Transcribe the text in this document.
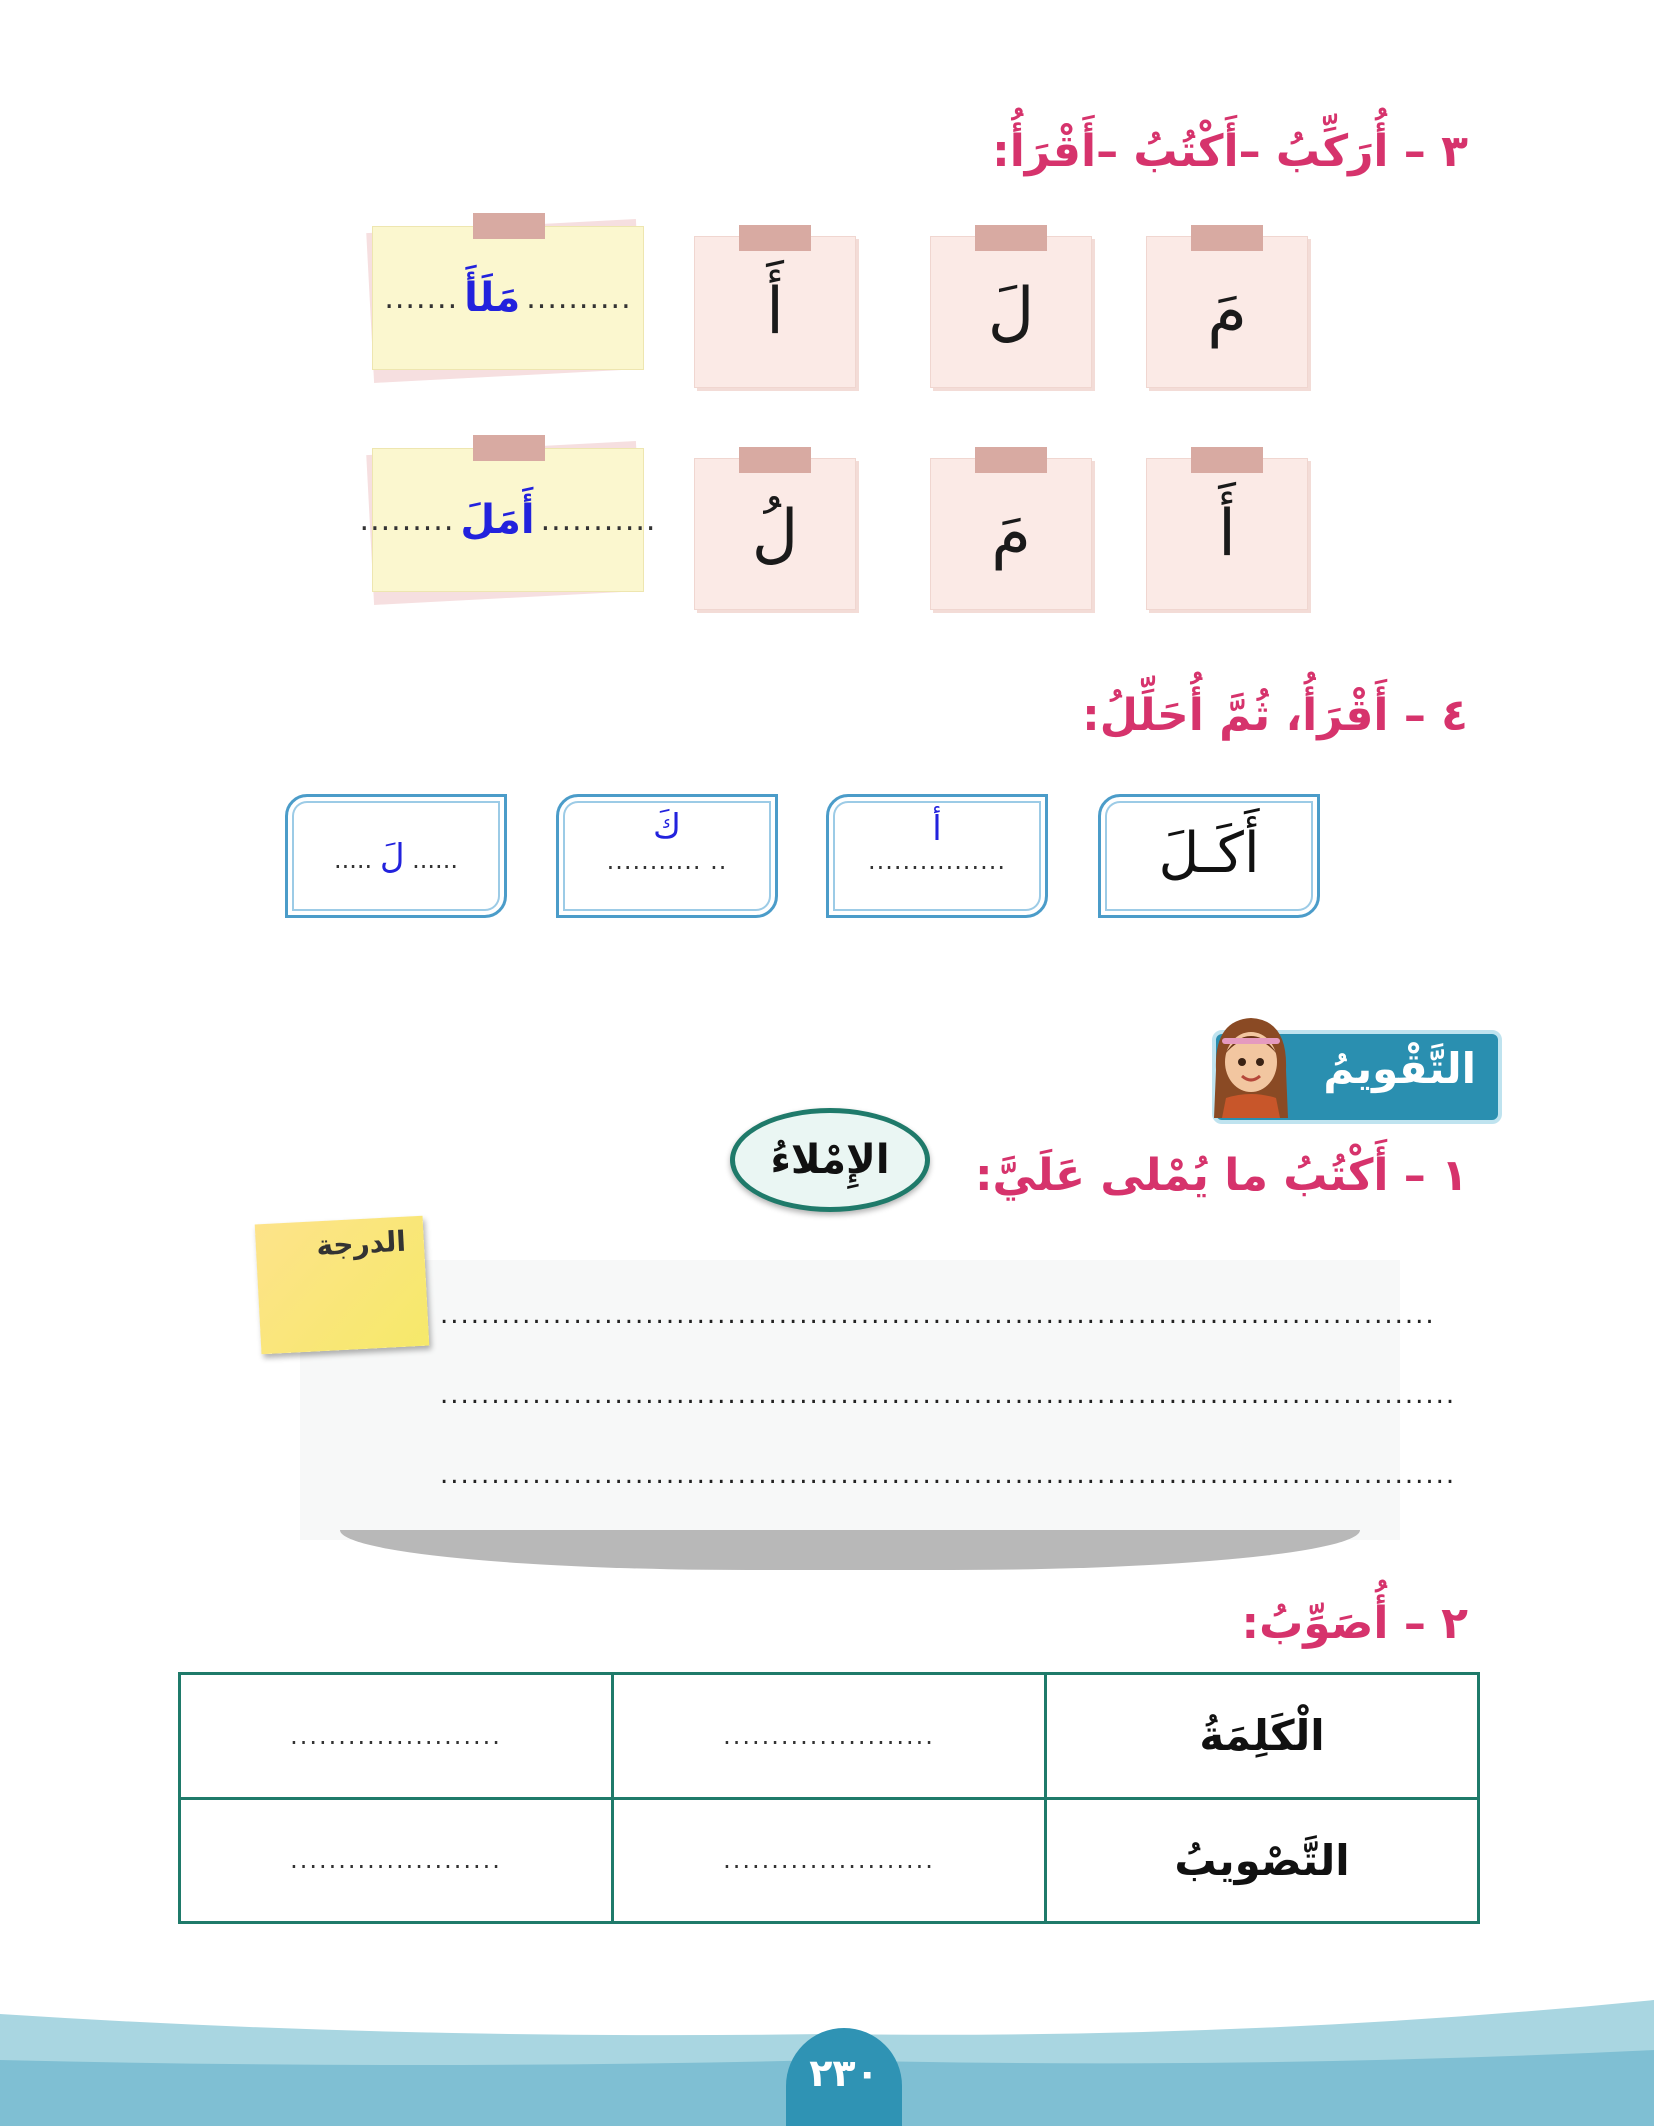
٣ – أُرَكِّبُ –أَكْتُبُ –أَقْرَأُ:
مَ
لَ
أَ
....... مَلَأَ ..........
أَ
مَ
لُ
......... أَمَلَ ...........
٤ – أَقْرَأُ، ثُمَّ أُحَلِّلُ:
أَكَـلَ
أ
................
كَ
........... ..
..... لَ ......
التَّقْويمُ
الإِمْلاءُ	١ – أَكْتُبُ ما يُمْلى عَلَيَّ:
.................................................................................................
...................................................................................................
...................................................................................................
الدرجة
٢ – أُصَوِّبُ:
......................	......................	الْكَلِمَةُ
......................	......................	التَّصْويبُ
٢٣٠
